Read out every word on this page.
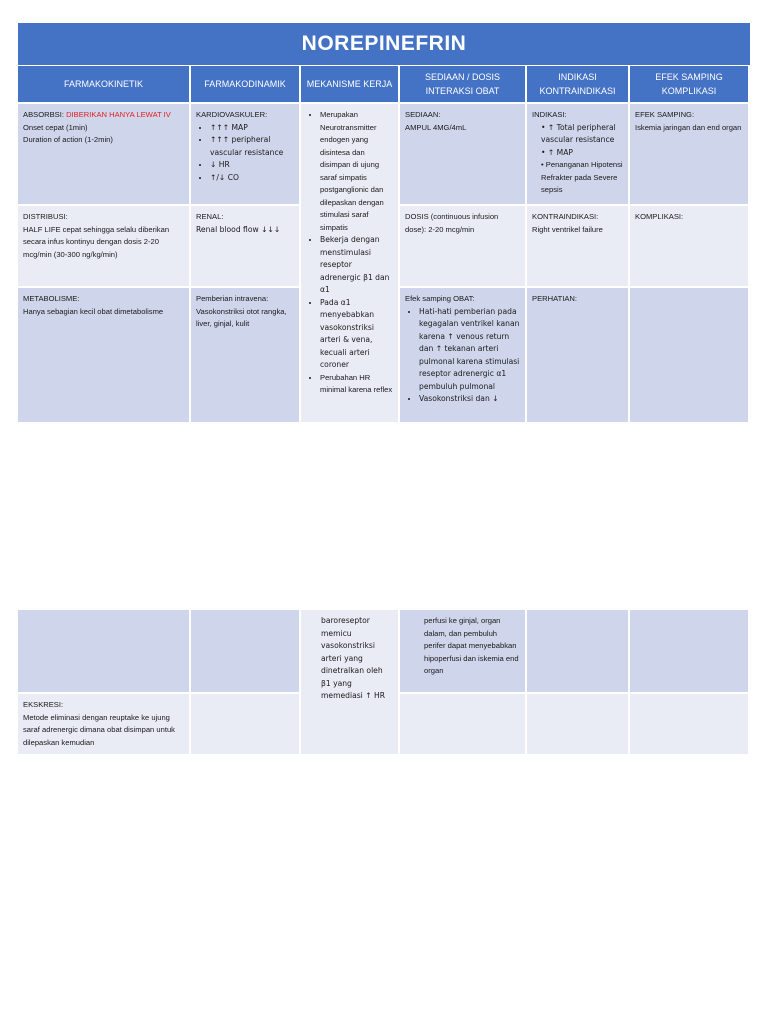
NOREPINEFRIN
FARMAKOKINETIK	FARMAKODINAMIK	MEKANISME KERJA
SEDIAAN / DOSIS INTERAKSI OBAT
INDIKASI KONTRAINDIKASI
EFEK SAMPING KOMPLIKASI
ABSORBSI: DIBERIKAN HANYA LEWAT IV
Onset cepat (1min)
Duration of action (1-2min)
DISTRIBUSI:
HALF LIFE cepat sehingga selalu diberikan secara infus kontinyu dengan dosis 2-20 mcg/min (30-300 ng/kg/min)
METABOLISME:
Hanya sebagian kecil obat dimetabolisme
KARDIOVASKULER:
• ↑↑↑ MAP
• ↑↑↑ peripheral vascular resistance
• ↓ HR
• ↑/↓ CO
RENAL:
Renal blood flow ↓↓↓
Pemberian intravena: Vasokonstriksi otot rangka, liver, ginjal, kulit
• Merupakan Neurotransmitter endogen yang disintesa dan disimpan di ujung saraf simpatis postganglionic dan dilepaskan dengan stimulasi saraf simpatis
• Bekerja dengan menstimulasi reseptor adrenergic β1 dan α1
• Pada α1 menyebabkan vasokonstriksi arteri & vena, kecuali arteri coroner
• Perubahan HR minimal karena reflex
SEDIAAN:
AMPUL 4MG/4mL
DOSIS (continuous infusion dose): 2-20 mcg/min
Efek samping OBAT:
• Hati-hati pemberian pada kegagalan ventrikel kanan karena ↑ venous return dan ↑ tekanan arteri pulmonal karena stimulasi reseptor adrenergic α1 pembuluh pulmonal
• Vasokonstriksi dan ↓
INDIKASI:
• ↑ Total peripheral vascular resistance
• ↑ MAP
• Penanganan Hipotensi Refrakter pada Severe sepsis
KONTRAINDIKASI:
Right ventrikel failure
PERHATIAN:
EFEK SAMPING:
Iskemia jaringan dan end organ
KOMPLIKASI:
EKSKRESI:
Metode eliminasi dengan reuptake ke ujung saraf adrenergic dimana obat disimpan untuk dilepaskan kemudian
baroreseptor memicu vasokonstriksi arteri yang dinetralkan oleh β1 yang memediasi ↑ HR
perfusi ke ginjal, organ dalam, dan pembuluh perifer dapat menyebabkan hipoperfusi dan iskemia end organ
